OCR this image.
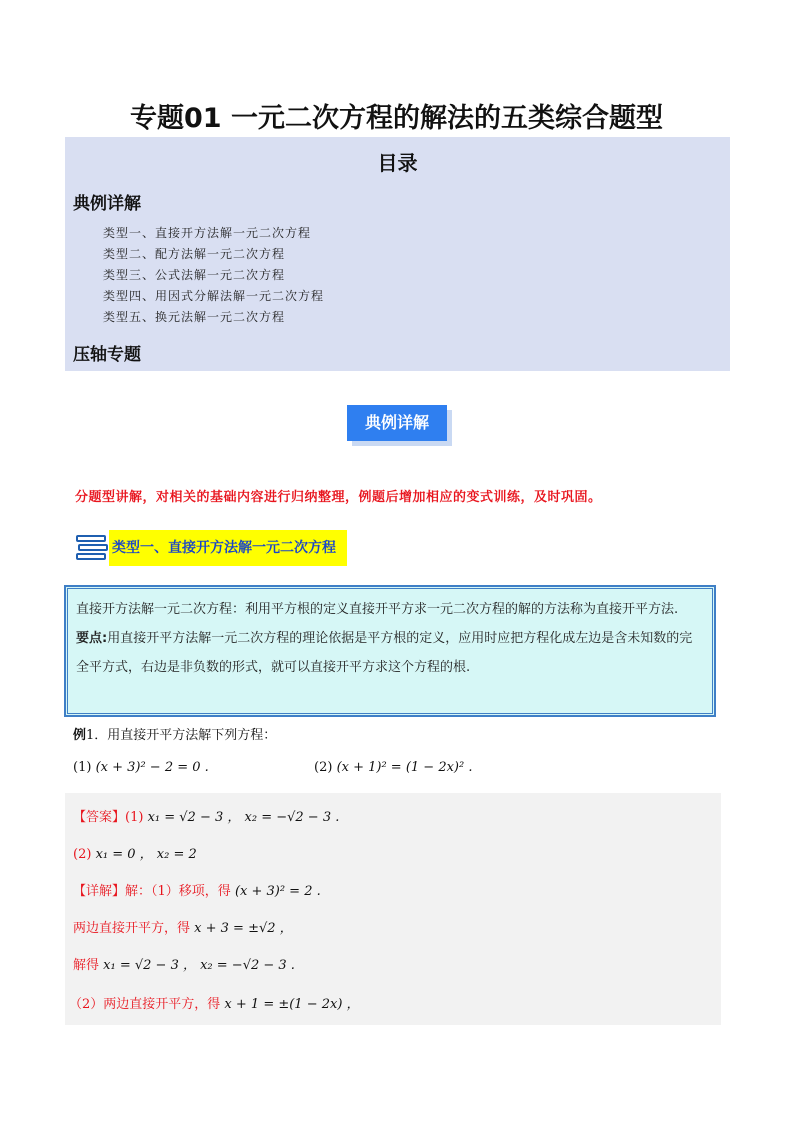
专题01 一元二次方程的解法的五类综合题型
目录
典例详解
类型一、直接开方法解一元二次方程
类型二、配方法解一元二次方程
类型三、公式法解一元二次方程
类型四、用因式分解法解一元二次方程
类型五、换元法解一元二次方程
压轴专题
典例详解
分题型讲解，对相关的基础内容进行归纳整理，例题后增加相应的变式训练，及时巩固。
类型一、直接开方法解一元二次方程
直接开方法解一元二次方程：利用平方根的定义直接开平方求一元二次方程的解的方法称为直接开平方法.
要点:用直接开平方法解一元二次方程的理论依据是平方根的定义，应用时应把方程化成左边是含未知数的完全平方式，右边是非负数的形式，就可以直接开平方求这个方程的根.
例1．用直接开平方法解下列方程：
(1) (x + 3)² − 2 = 0 .	(2) (x + 1)² = (1 − 2x)² .
【答案】(1) x₁ = √2 − 3 ， x₂ = −√2 − 3 .
(2) x₁ = 0 ， x₂ = 2
【详解】解：（1）移项，得 (x + 3)² = 2 .
两边直接开平方，得 x + 3 = ±√2 ，
解得 x₁ = √2 − 3 ， x₂ = −√2 − 3 .
（2）两边直接开平方，得 x + 1 = ±(1 − 2x) ，
